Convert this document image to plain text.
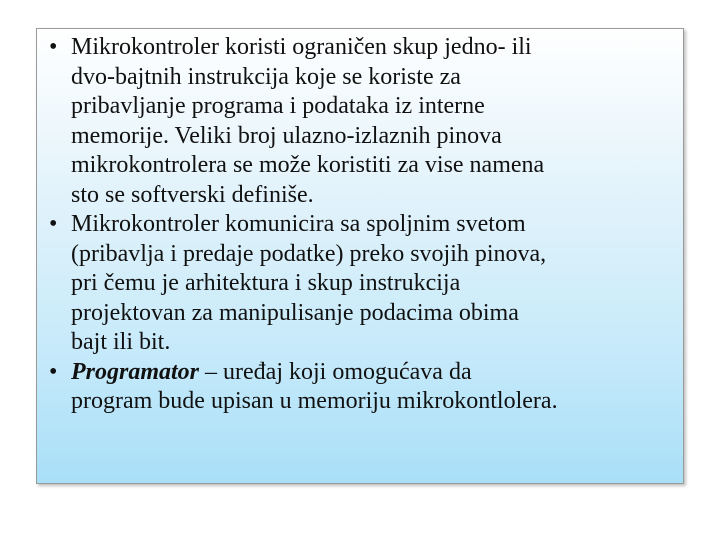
• Mikrokontroler koristi ograničen skup jedno- ili
dvo-bajtnih instrukcija koje se koriste za
pribavljanje programa i podataka iz interne
memorije. Veliki broj ulazno-izlaznih pinova
mikrokontrolera se može koristiti za vise namena
sto se softverski definiše.
• Mikrokontroler komunicira sa spoljnim svetom
(pribavlja i predaje podatke) preko svojih pinova,
pri čemu je arhitektura i skup instrukcija
projektovan za manipulisanje podacima obima
bajt ili bit.
• Programator – uređaj koji omogućava da
program bude upisan u memoriju mikrokontlolera.
